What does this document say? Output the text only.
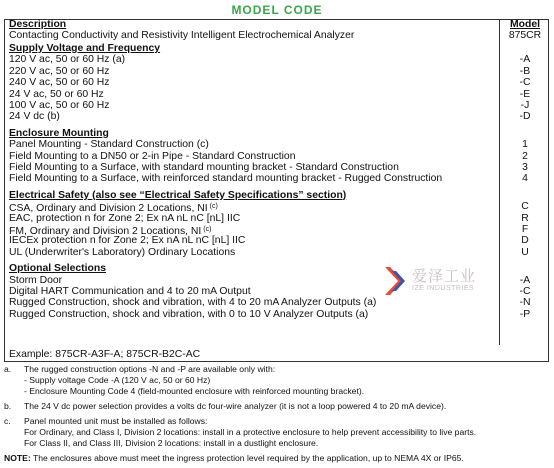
MODEL CODE
Description	Model
Contacting Conductivity and Resistivity Intelligent Electrochemical Analyzer	875CR
Example: 875CR-A3F-A; 875CR-B2C-AC
Supply Voltage and Frequency
120 V ac, 50 or 60 Hz (a)	-A
220 V ac, 50 or 60 Hz	-B
240 V ac, 50 or 60 Hz	-C
24 V ac, 50 or 60 Hz	-E
100 V ac, 50 or 60 Hz	-J
24 V dc (b)	-D
Enclosure Mounting
Panel Mounting - Standard Construction (c)	1
Field Mounting to a DN50 or 2-in Pipe - Standard Construction	2
Field Mounting to a Surface, with standard mounting bracket - Standard Construction	3
Field Mounting to a Surface, with reinforced standard mounting bracket - Rugged Construction	4
Electrical Safety (also see “Electrical Safety Specifications” section)
CSA, Ordinary and Division 2 Locations, NI $^{(c)}$	C
EAC, protection n for Zone 2; Ex nA nL nC [nL] IIC	R
FM, Ordinary and Division 2 Locations, NI $^{(c)}$	F
IECEx protection n for Zone 2; Ex nA nL nC [nL] IIC	D
UL (Underwriter's Laboratory) Ordinary Locations	U
Optional Selections
Storm Door	-A
Digital HART Communication and 4 to 20 mA Output	-C
Rugged Construction, shock and vibration, with 4 to 20 mA Analyzer Outputs (a)	-N
Rugged Construction, shock and vibration, with 0 to 10 V Analyzer Outputs (a)	-P
爱泽工业
IZE INDUSTRIES
a. The rugged construction options -N and -P are available only with:
- Supply voltage Code -A (120 V ac, 50 or 60 Hz)
- Enclosure Mounting Code 4 (field-mounted enclosure with reinforced mounting bracket).
b. The 24 V dc power selection provides a volts dc four-wire analyzer (it is not a loop powered 4 to 20 mA device).
c. Panel mounted unit must be installed as follows:
For Ordinary, and Class I, Division 2 locations: install in a protective enclosure to help prevent accessibility to live parts.
For Class II, and Class III, Division 2 locations: install in a dustlight enclosure.
NOTE: The enclosures above must meet the ingress protection level required by the application, up to NEMA 4X or IP65.
